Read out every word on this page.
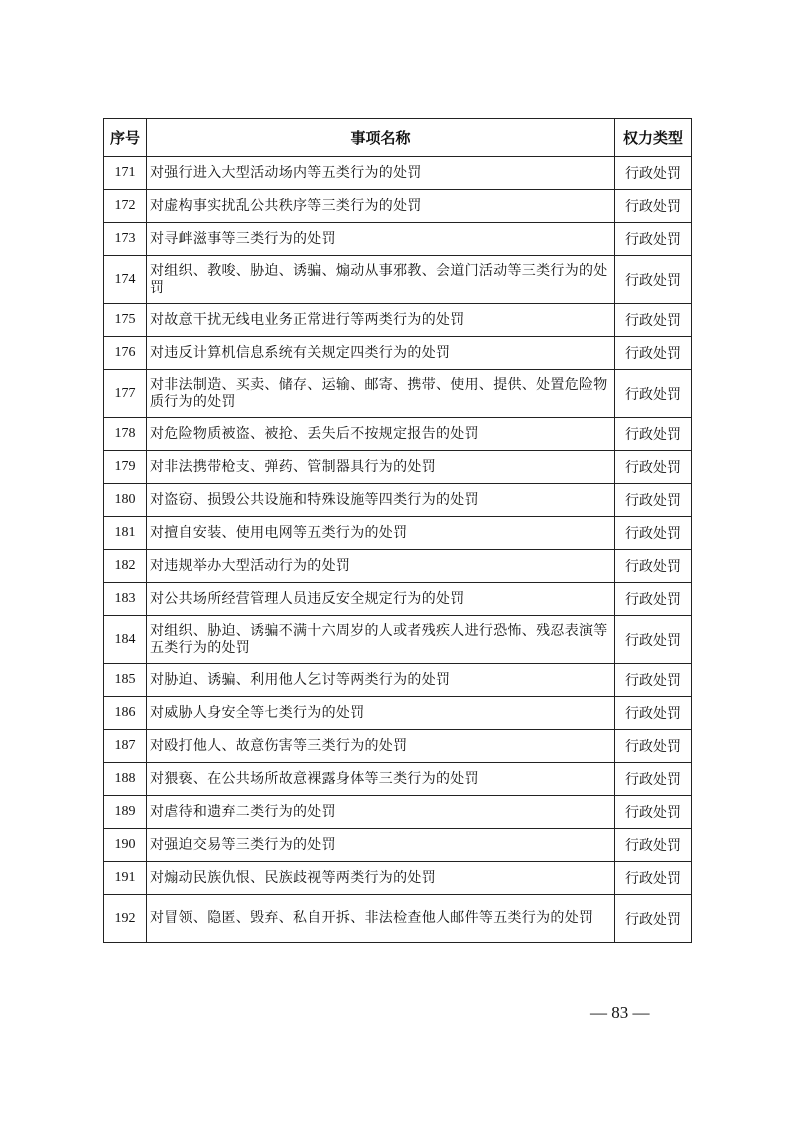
序号	事项名称	权力类型
171	对强行进入大型活动场内等五类行为的处罚	行政处罚
172	对虚构事实扰乱公共秩序等三类行为的处罚	行政处罚
173	对寻衅滋事等三类行为的处罚	行政处罚
174	对组织、教唆、胁迫、诱骗、煽动从事邪教、会道门活动等三类行为的处罚	行政处罚
175	对故意干扰无线电业务正常进行等两类行为的处罚	行政处罚
176	对违反计算机信息系统有关规定四类行为的处罚	行政处罚
177	对非法制造、买卖、储存、运输、邮寄、携带、使用、提供、处置危险物质行为的处罚	行政处罚
178	对危险物质被盗、被抢、丢失后不按规定报告的处罚	行政处罚
179	对非法携带枪支、弹药、管制器具行为的处罚	行政处罚
180	对盗窃、损毁公共设施和特殊设施等四类行为的处罚	行政处罚
181	对擅自安装、使用电网等五类行为的处罚	行政处罚
182	对违规举办大型活动行为的处罚	行政处罚
183	对公共场所经营管理人员违反安全规定行为的处罚	行政处罚
184	对组织、胁迫、诱骗不满十六周岁的人或者残疾人进行恐怖、残忍表演等五类行为的处罚	行政处罚
185	对胁迫、诱骗、利用他人乞讨等两类行为的处罚	行政处罚
186	对威胁人身安全等七类行为的处罚	行政处罚
187	对殴打他人、故意伤害等三类行为的处罚	行政处罚
188	对猥亵、在公共场所故意裸露身体等三类行为的处罚	行政处罚
189	对虐待和遗弃二类行为的处罚	行政处罚
190	对强迫交易等三类行为的处罚	行政处罚
191	对煽动民族仇恨、民族歧视等两类行为的处罚	行政处罚
192	对冒领、隐匿、毁弃、私自开拆、非法检查他人邮件等五类行为的处罚	行政处罚
— 83 —
